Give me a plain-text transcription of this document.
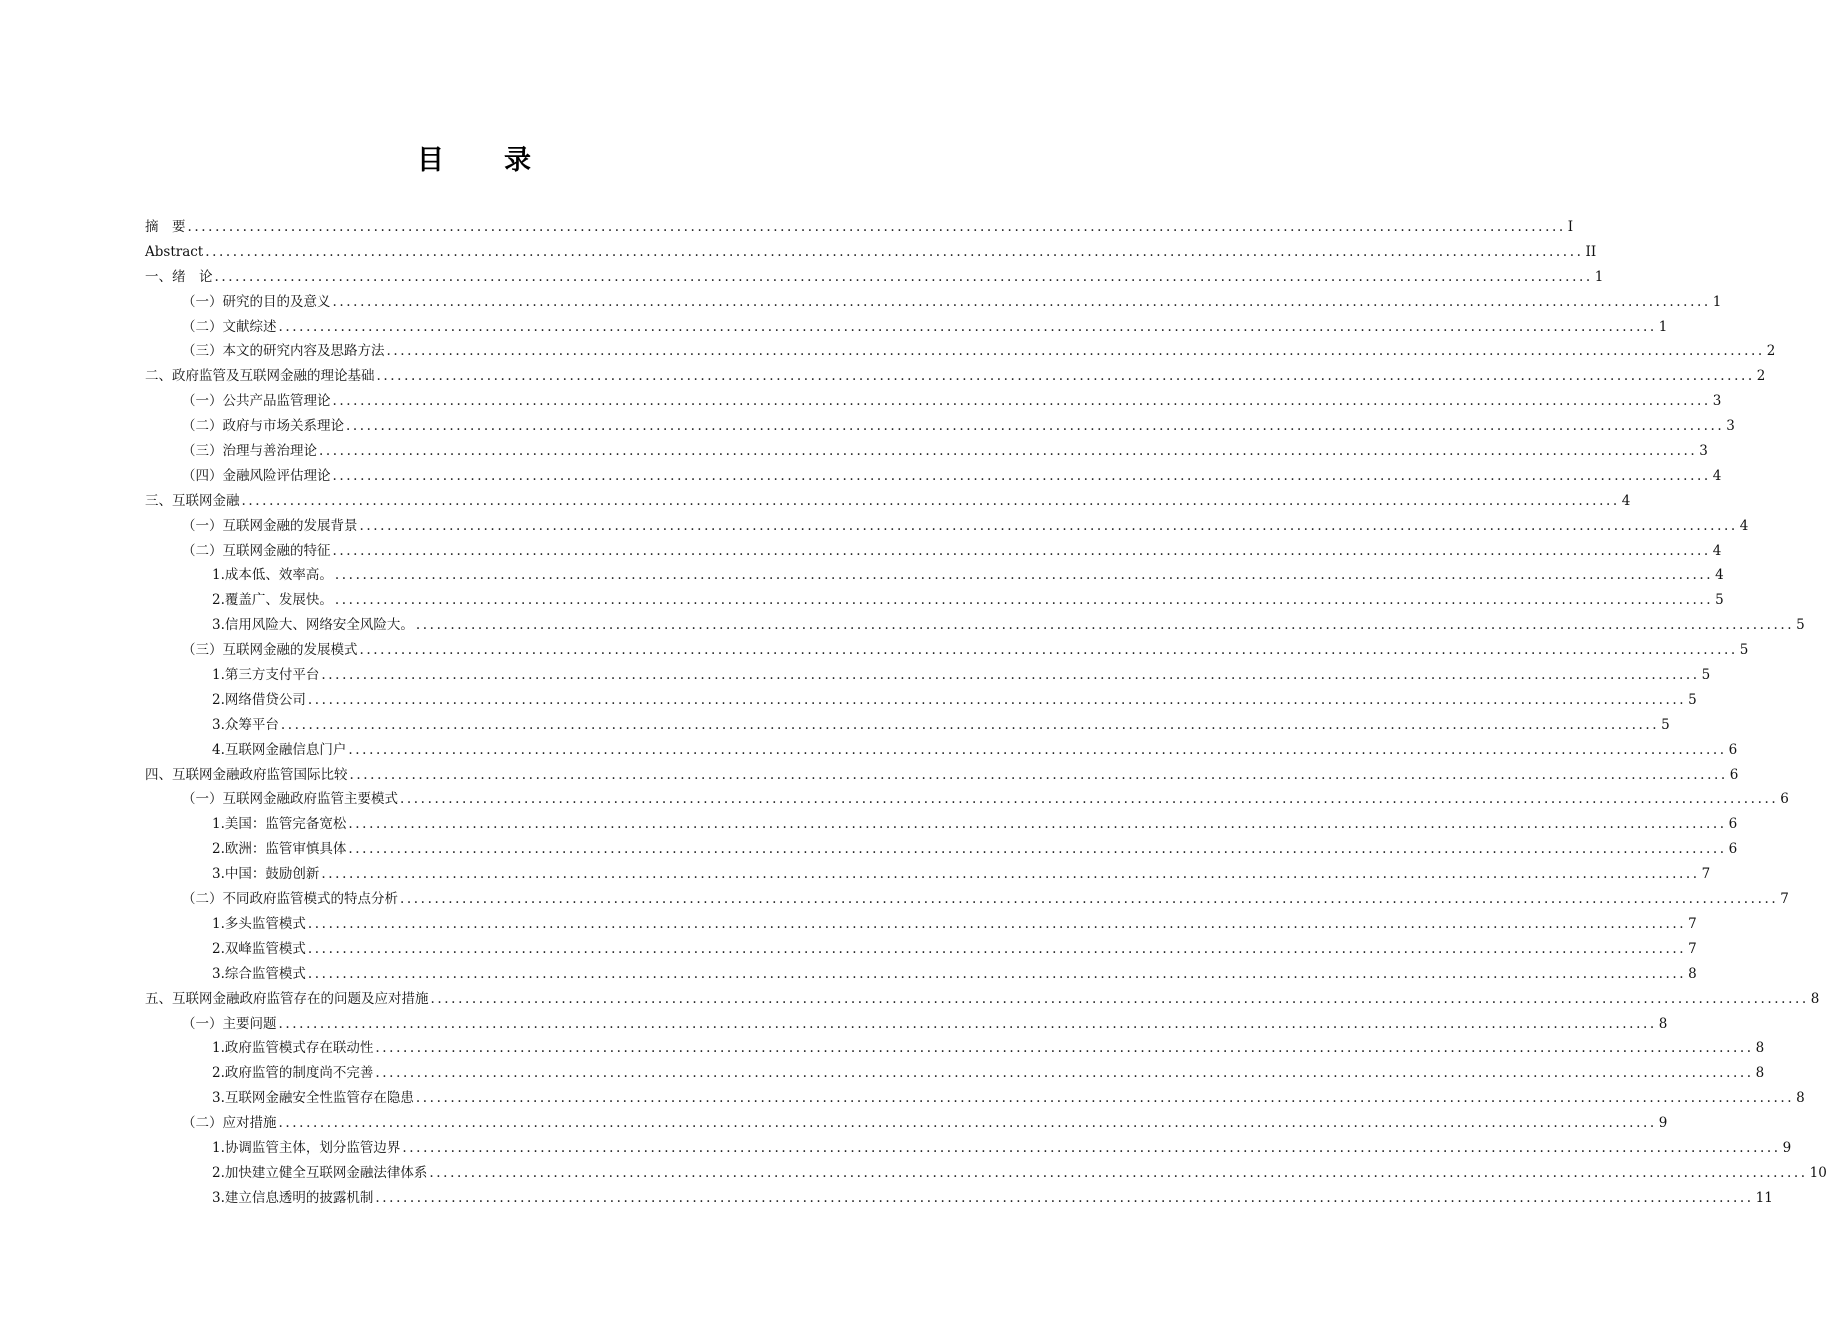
目　　录
摘　要 ........................................................................................................................................................................................................ I
Abstract ........................................................................................................................................................................................................ II
一、绪　论 ........................................................................................................................................................................................................ 1
（一）研究的目的及意义 ........................................................................................................................................................................................................ 1
（二）文献综述 ........................................................................................................................................................................................................ 1
（三）本文的研究内容及思路方法 ........................................................................................................................................................................................................ 2
二、政府监管及互联网金融的理论基础 ........................................................................................................................................................................................................ 2
（一）公共产品监管理论 ........................................................................................................................................................................................................ 3
（二）政府与市场关系理论 ........................................................................................................................................................................................................ 3
（三）治理与善治理论 ........................................................................................................................................................................................................ 3
（四）金融风险评估理论 ........................................................................................................................................................................................................ 4
三、互联网金融 ........................................................................................................................................................................................................ 4
（一）互联网金融的发展背景 ........................................................................................................................................................................................................ 4
（二）互联网金融的特征 ........................................................................................................................................................................................................ 4
1.成本低、效率高。 ........................................................................................................................................................................................................ 4
2.覆盖广、发展快。 ........................................................................................................................................................................................................ 5
3.信用风险大、网络安全风险大。 ........................................................................................................................................................................................................ 5
（三）互联网金融的发展模式 ........................................................................................................................................................................................................ 5
1.第三方支付平台 ........................................................................................................................................................................................................ 5
2.网络借贷公司 ........................................................................................................................................................................................................ 5
3.众筹平台 ........................................................................................................................................................................................................ 5
4.互联网金融信息门户 ........................................................................................................................................................................................................ 6
四、互联网金融政府监管国际比较 ........................................................................................................................................................................................................ 6
（一）互联网金融政府监管主要模式 ........................................................................................................................................................................................................ 6
1.美国：监管完备宽松 ........................................................................................................................................................................................................ 6
2.欧洲：监管审慎具体 ........................................................................................................................................................................................................ 6
3.中国：鼓励创新 ........................................................................................................................................................................................................ 7
（二）不同政府监管模式的特点分析 ........................................................................................................................................................................................................ 7
1.多头监管模式 ........................................................................................................................................................................................................ 7
2.双峰监管模式 ........................................................................................................................................................................................................ 7
3.综合监管模式 ........................................................................................................................................................................................................ 8
五、互联网金融政府监管存在的问题及应对措施 ........................................................................................................................................................................................................ 8
（一）主要问题 ........................................................................................................................................................................................................ 8
1.政府监管模式存在联动性 ........................................................................................................................................................................................................ 8
2.政府监管的制度尚不完善 ........................................................................................................................................................................................................ 8
3.互联网金融安全性监管存在隐患 ........................................................................................................................................................................................................ 8
（二）应对措施 ........................................................................................................................................................................................................ 9
1.协调监管主体，划分监管边界 ........................................................................................................................................................................................................ 9
2.加快建立健全互联网金融法律体系 ........................................................................................................................................................................................................ 10
3.建立信息透明的披露机制 ........................................................................................................................................................................................................ 11
